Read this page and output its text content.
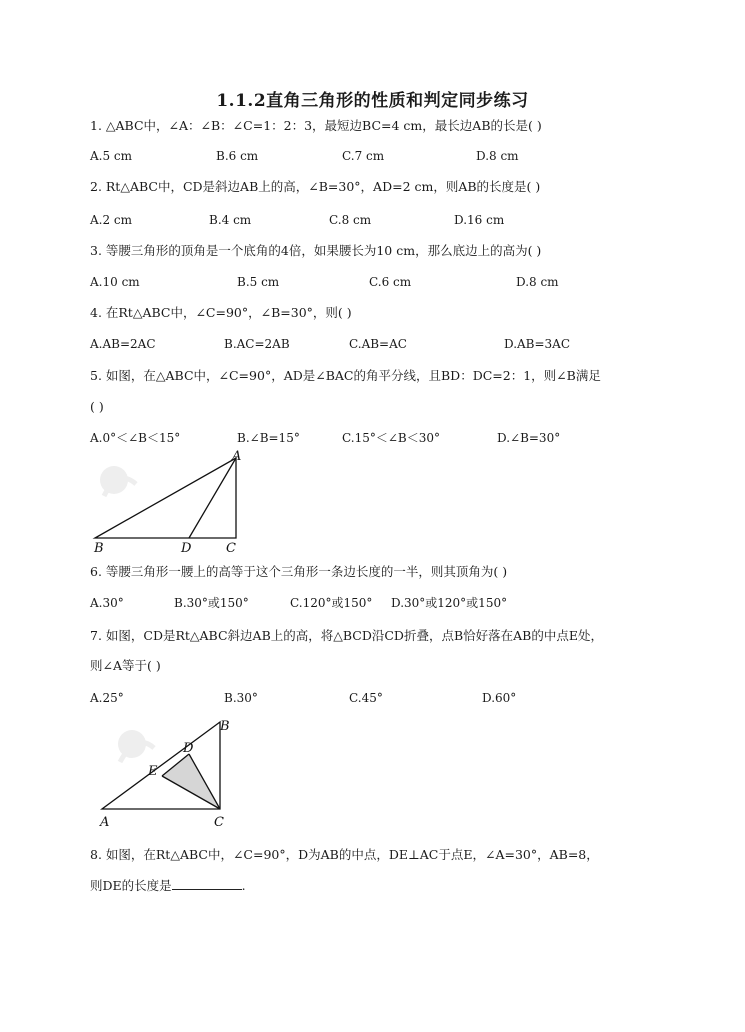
1.1.2直角三角形的性质和判定同步练习
1. △ABC中，∠A：∠B：∠C=1：2：3，最短边BC=4 cm，最长边AB的长是( )
A.5 cm	B.6 cm	C.7 cm	D.8 cm
2. Rt△ABC中，CD是斜边AB上的高，∠B=30°，AD=2 cm，则AB的长度是( )
A.2 cm	B.4 cm	C.8 cm	D.16 cm
3. 等腰三角形的顶角是一个底角的4倍，如果腰长为10 cm，那么底边上的高为( )
A.10 cm	B.5 cm	C.6 cm	D.8 cm
4. 在Rt△ABC中，∠C=90°，∠B=30°，则( )
A.AB=2AC	B.AC=2AB	C.AB=AC	D.AB=3AC
5. 如图，在△ABC中，∠C=90°，AD是∠BAC的角平分线，且BD：DC=2：1，则∠B满足
( )
A.0°＜∠B＜15°	B.∠B=15°	C.15°＜∠B＜30°	D.∠B=30°
A
B	D	C
6. 等腰三角形一腰上的高等于这个三角形一条边长度的一半，则其顶角为( )
A.30°	B.30°或150°	C.120°或150° D.30°或120°或150°
7. 如图，CD是Rt△ABC斜边AB上的高，将△BCD沿CD折叠，点B恰好落在AB的中点E处，
则∠A等于( )
A.25°	B.30°	C.45°	D.60°
B
D
E
A	C
8. 如图，在Rt△ABC中，∠C=90°，D为AB的中点，DE⊥AC于点E，∠A=30°，AB=8，
则DE的长度是	.
